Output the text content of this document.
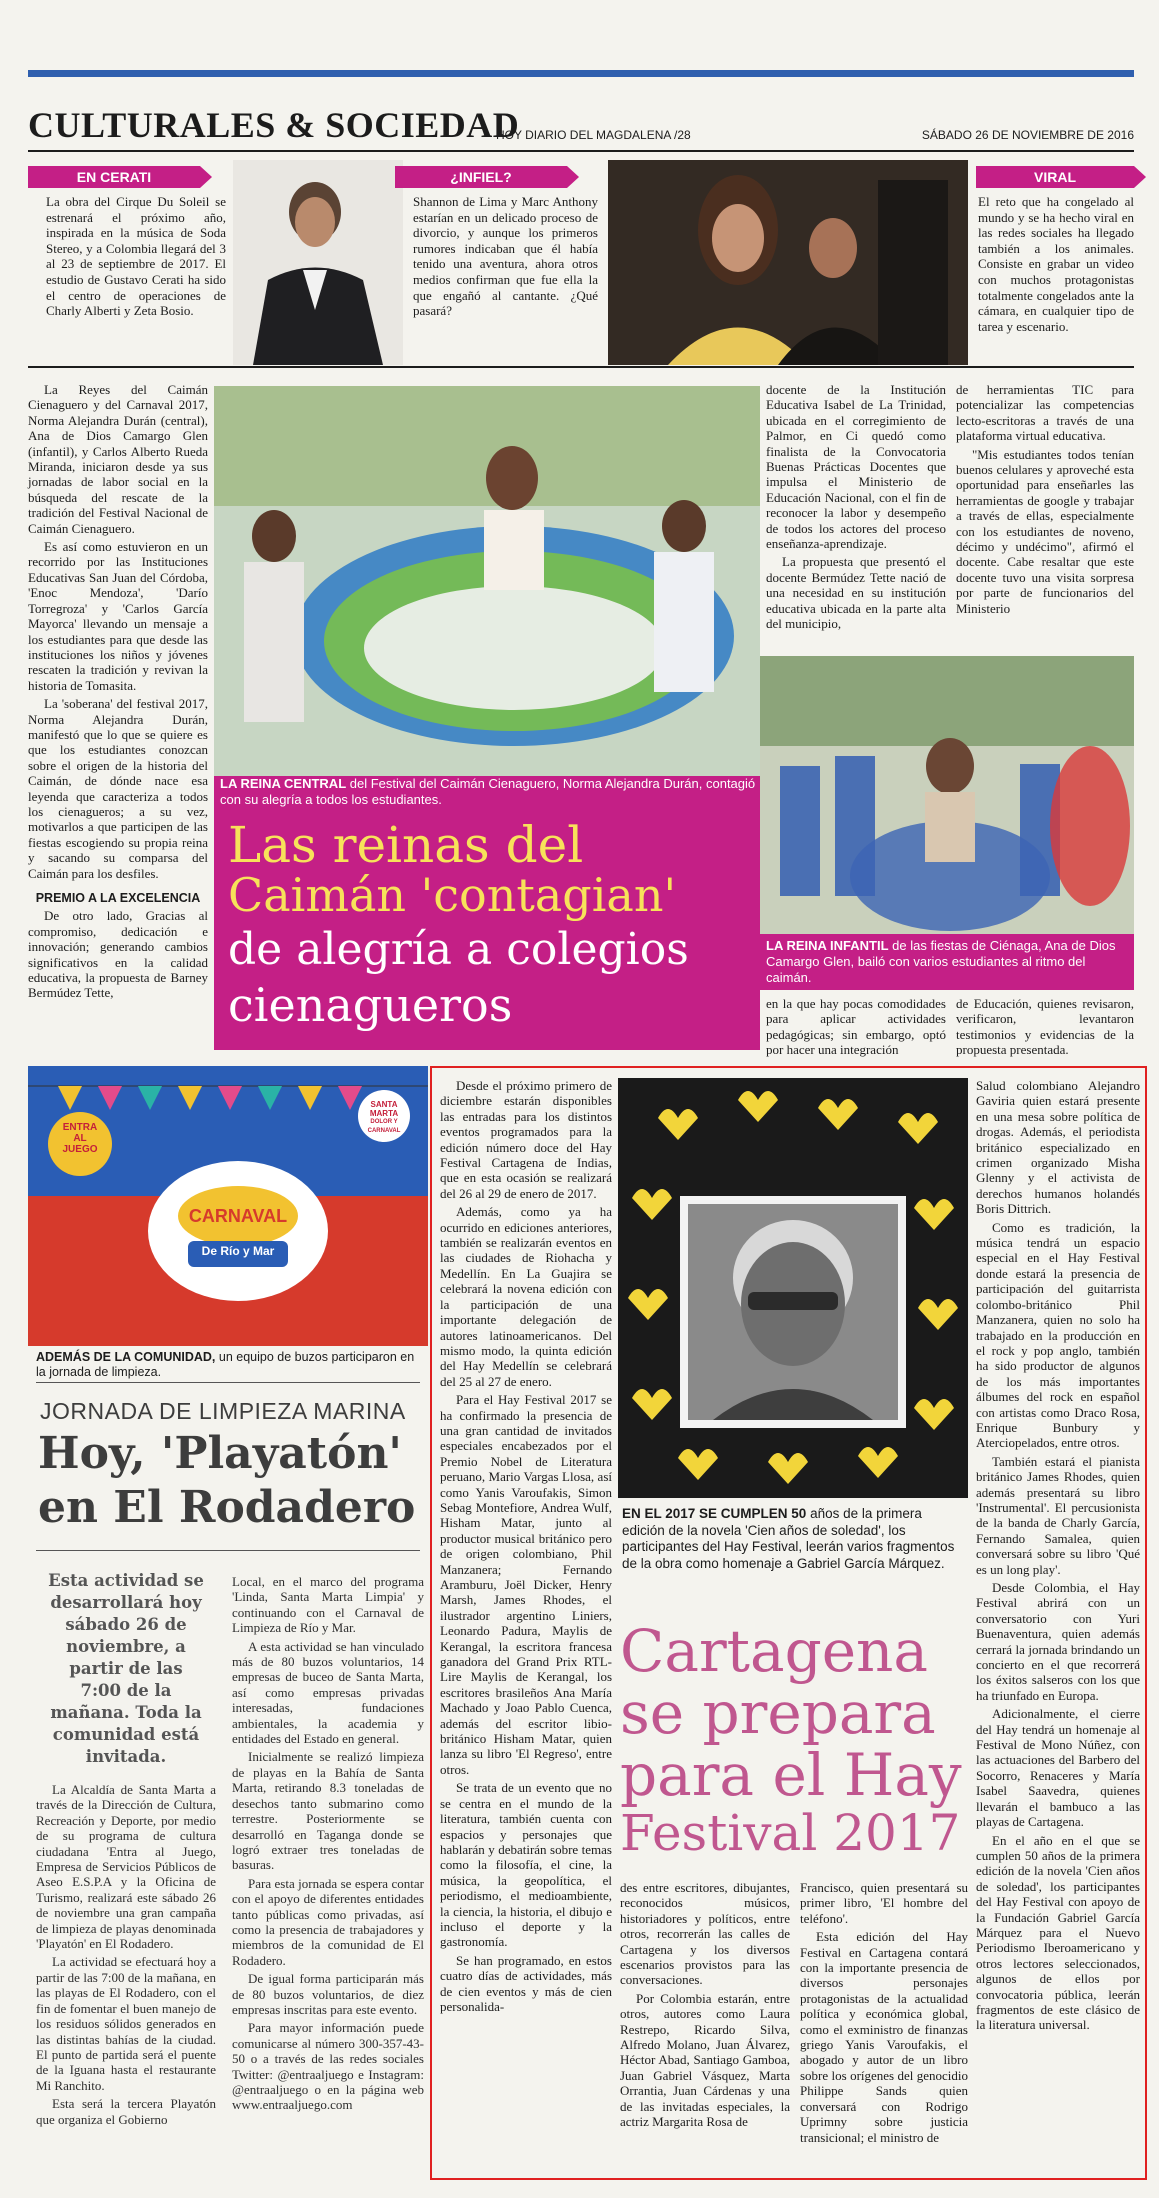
CULTURALES & SOCIEDAD
HOY DIARIO DEL MAGDALENA /28	SÁBADO 26 DE NOVIEMBRE DE 2016
EN CERATI
La obra del Cirque Du Soleil se estrenará el próximo año, inspirada en la música de Soda Stereo, y a Colombia llegará del 3 al 23 de septiembre de 2017. El estudio de Gustavo Cerati ha sido el centro de operaciones de Charly Alberti y Zeta Bosio.
¿INFIEL?
Shannon de Lima y Marc Anthony estarían en un delicado proceso de divorcio, y aunque los primeros rumores indicaban que él había tenido una aventura, ahora otros medios confirman que fue ella la que engañó al cantante. ¿Qué pasará?
VIRAL
El reto que ha congelado al mundo y se ha hecho viral en las redes sociales ha llegado también a los animales. Consiste en grabar un video con muchos protagonistas totalmente congelados ante la cámara, en cualquier tipo de tarea y escenario.

La Reyes del Caimán Cienaguero y del Carnaval 2017, Norma Alejandra Durán (central), Ana de Dios Camargo Glen (infantil), y Carlos Alberto Rueda Miranda, iniciaron desde ya sus jornadas de labor social en la búsqueda del rescate de la tradición del Festival Nacional de Caimán Cienaguero.

Es así como estuvieron en un recorrido por las Instituciones Educativas San Juan del Córdoba, 'Enoc Mendoza', 'Darío Torregroza' y 'Carlos García Mayorca' llevando un mensaje a los estudiantes para que desde las instituciones los niños y jóvenes rescaten la tradición y revivan la historia de Tomasita.

La 'soberana' del festival 2017, Norma Alejandra Durán, manifestó que lo que se quiere es que los estudiantes conozcan sobre el origen de la historia del Caimán, de dónde nace esa leyenda que caracteriza a todos los cienagueros; a su vez, motivarlos a que participen de las fiestas escogiendo su propia reina y sacando su comparsa del Caimán para los desfiles.

PREMIO A LA EXCELENCIA

De otro lado, Gracias al compromiso, dedicación e innovación; generando cambios significativos en la calidad educativa, la propuesta de Barney Bermúdez Tette,

LA REINA CENTRAL del Festival del Caimán Cienaguero, Norma Alejandra Durán, contagió con su alegría a todos los estudiantes.
Las reinas del
Caimán 'contagian'
de alegría a colegios
cienagueros

docente de la Institución Educativa Isabel de La Trinidad, ubicada en el corregimiento de Palmor, en Ci quedó como finalista de la Convocatoria Buenas Prácticas Docentes que impulsa el Ministerio de Educación Nacional, con el fin de reconocer la labor y desempeño de todos los actores del proceso enseñanza-aprendizaje.

La propuesta que presentó el docente Bermúdez Tette nació de una necesidad en su institución educativa ubicada en la parte alta del municipio,

de herramientas TIC para potencializar las competencias lecto-escritoras a través de una plataforma virtual educativa.

"Mis estudiantes todos tenían buenos celulares y aproveché esta oportunidad para enseñarles las herramientas de google y trabajar a través de ellas, especialmente con los estudiantes de noveno, décimo y undécimo", afirmó el docente. Cabe resaltar que este docente tuvo una visita sorpresa por parte de funcionarios del Ministerio

LA REINA INFANTIL de las fiestas de Ciénaga, Ana de Dios Camargo Glen, bailó con varios estudiantes al ritmo del caimán.
en la que hay pocas comodidades para aplicar actividades pedagógicas; sin embargo, optó por hacer una integración
de Educación, quienes revisaron, verificaron, levantaron testimonios y evidencias de la propuesta presentada.
ENTRA
AL JUEGO
SANTA
MARTA
DOLOR Y CARNAVAL
CARNAVAL
De Río y Mar
ADEMÁS DE LA COMUNIDAD, un equipo de buzos participaron en la jornada de limpieza.
JORNADA DE LIMPIEZA MARINA
Hoy, 'Playatón'
en El Rodadero
Esta actividad se desarrollará hoy sábado 26 de noviembre, a partir de las 7:00 de la mañana. Toda la comunidad está invitada.

La Alcaldía de Santa Marta a través de la Dirección de Cultura, Recreación y Deporte, por medio de su programa de cultura ciudadana 'Entra al Juego, Empresa de Servicios Públicos de Aseo E.S.P.A y la Oficina de Turismo, realizará este sábado 26 de noviembre una gran campaña de limpieza de playas denominada 'Playatón' en El Rodadero.

La actividad se efectuará hoy a partir de las 7:00 de la mañana, en las playas de El Rodadero, con el fin de fomentar el buen manejo de los residuos sólidos generados en las distintas bahías de la ciudad. El punto de partida será el puente de la Iguana hasta el restaurante Mi Ranchito.

Esta será la tercera Playatón que organiza el Gobierno

Local, en el marco del programa 'Linda, Santa Marta Limpia' y continuando con el Carnaval de Limpieza de Río y Mar.

A esta actividad se han vinculado más de 80 buzos voluntarios, 14 empresas de buceo de Santa Marta, así como empresas privadas interesadas, fundaciones ambientales, la academia y entidades del Estado en general.

Inicialmente se realizó limpieza de playas en la Bahía de Santa Marta, retirando 8.3 toneladas de desechos tanto submarino como terrestre. Posteriormente se desarrolló en Taganga donde se logró extraer tres toneladas de basuras.

Para esta jornada se espera contar con el apoyo de diferentes entidades tanto públicas como privadas, así como la presencia de trabajadores y miembros de la comunidad de El Rodadero.

De igual forma participarán más de 80 buzos voluntarios, de diez empresas inscritas para este evento.

Para mayor información puede comunicarse al número 300-357-43-50 o a través de las redes sociales Twitter: @entraaljuego e Instagram: @entraaljuego o en la página web www.entraaljuego.com

Desde el próximo primero de diciembre estarán disponibles las entradas para los distintos eventos programados para la edición número doce del Hay Festival Cartagena de Indias, que en esta ocasión se realizará del 26 al 29 de enero de 2017.

Además, como ya ha ocurrido en ediciones anteriores, también se realizarán eventos en las ciudades de Riohacha y Medellín. En La Guajira se celebrará la novena edición con la participación de una importante delegación de autores latinoamericanos. Del mismo modo, la quinta edición del Hay Medellín se celebrará del 25 al 27 de enero.

Para el Hay Festival 2017 se ha confirmado la presencia de una gran cantidad de invitados especiales encabezados por el Premio Nobel de Literatura peruano, Mario Vargas Llosa, así como Yanis Varoufakis, Simon Sebag Montefiore, Andrea Wulf, Hisham Matar, junto al productor musical británico pero de origen colombiano, Phil Manzanera; Fernando Aramburu, Joël Dicker, Henry Marsh, James Rhodes, el ilustrador argentino Liniers, Leonardo Padura, Maylis de Kerangal, la escritora francesa ganadora del Grand Prix RTL-Lire Maylis de Kerangal, los escritores brasileños Ana María Machado y Joao Pablo Cuenca, además del escritor libio-británico Hisham Matar, quien lanza su libro 'El Regreso', entre otros.

Se trata de un evento que no se centra en el mundo de la literatura, también cuenta con espacios y personajes que hablarán y debatirán sobre temas como la filosofía, el cine, la música, la geopolítica, el periodismo, el medioambiente, la ciencia, la historia, el dibujo e incluso el deporte y la gastronomía.

Se han programado, en estos cuatro días de actividades, más de cien eventos y más de cien personalida-

EN EL 2017 SE CUMPLEN 50 años de la primera edición de la novela 'Cien años de soledad', los participantes del Hay Festival, leerán varios fragmentos de la obra como homenaje a Gabriel García Márquez.
Cartagena
se prepara
para el Hay
Festival 2017

des entre escritores, dibujantes, reconocidos músicos, historiadores y políticos, entre otros, recorrerán las calles de Cartagena y los diversos escenarios provistos para las conversaciones.

Por Colombia estarán, entre otros, autores como Laura Restrepo, Ricardo Silva, Alfredo Molano, Juan Álvarez, Héctor Abad, Santiago Gamboa, Juan Gabriel Vásquez, Marta Orrantia, Juan Cárdenas y una de las invitadas especiales, la actriz Margarita Rosa de

Francisco, quien presentará su primer libro, 'El hombre del teléfono'.

Esta edición del Hay Festival en Cartagena contará con la importante presencia de diversos personajes protagonistas de la actualidad política y económica global, como el exministro de finanzas griego Yanis Varoufakis, el abogado y autor de un libro sobre los orígenes del genocidio Philippe Sands quien conversará con Rodrigo Uprimny sobre justicia transicional; el ministro de

Salud colombiano Alejandro Gaviria quien estará presente en una mesa sobre política de drogas. Además, el periodista británico especializado en crimen organizado Misha Glenny y el activista de derechos humanos holandés Boris Dittrich.

Como es tradición, la música tendrá un espacio especial en el Hay Festival donde estará la presencia de participación del guitarrista colombo-británico Phil Manzanera, quien no solo ha trabajado en la producción en el rock y pop anglo, también ha sido productor de algunos de los más importantes álbumes del rock en español con artistas como Draco Rosa, Enrique Bunbury y Aterciopelados, entre otros.

También estará el pianista británico James Rhodes, quien además presentará su libro 'Instrumental'. El percusionista de la banda de Charly García, Fernando Samalea, quien conversará sobre su libro 'Qué es un long play'.

Desde Colombia, el Hay Festival abrirá con un conversatorio con Yuri Buenaventura, quien además cerrará la jornada brindando un concierto en el que recorrerá los éxitos salseros con los que ha triunfado en Europa.

Adicionalmente, el cierre del Hay tendrá un homenaje al Festival de Mono Núñez, con las actuaciones del Barbero del Socorro, Renaceres y María Isabel Saavedra, quienes llevarán el bambuco a las playas de Cartagena.

En el año en el que se cumplen 50 años de la primera edición de la novela 'Cien años de soledad', los participantes del Hay Festival con apoyo de la Fundación Gabriel García Márquez para el Nuevo Periodismo Iberoamericano y otros lectores seleccionados, algunos de ellos por convocatoria pública, leerán fragmentos de este clásico de la literatura universal.
